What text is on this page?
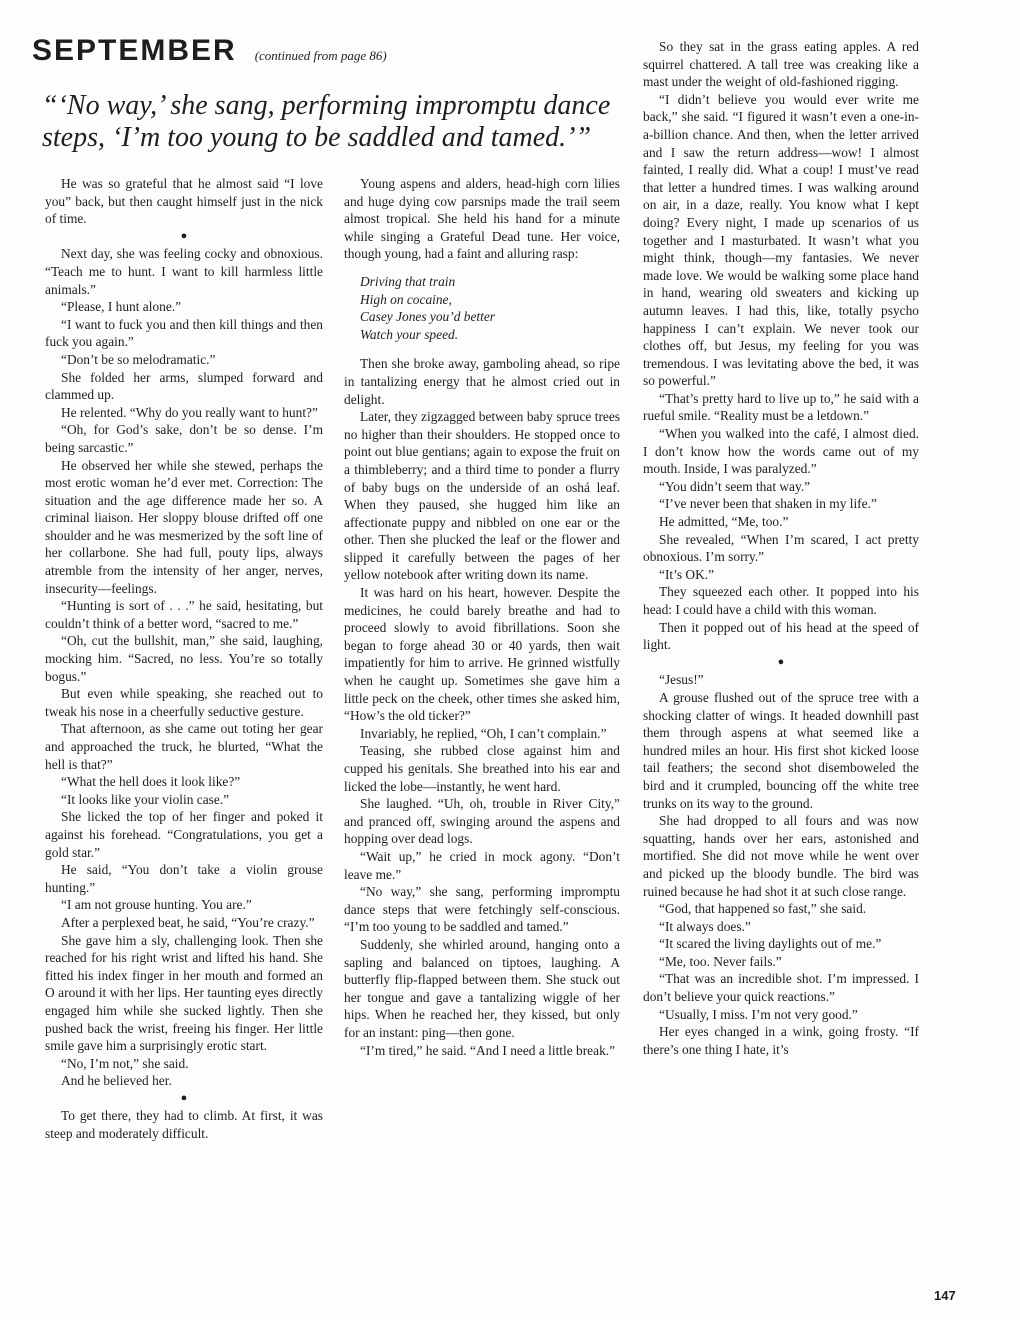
SEPTEMBER (continued from page 86)
“‘No way,’ she sang, performing impromptu dance steps, ‘I’m too young to be saddled and tamed.’”

He was so grateful that he almost said “I love you” back, but then caught himself just in the nick of time.

●

Next day, she was feeling cocky and obnoxious. “Teach me to hunt. I want to kill harmless little animals.”

“Please, I hunt alone.”

“I want to fuck you and then kill things and then fuck you again.”

“Don’t be so melodramatic.”

She folded her arms, slumped forward and clammed up.

He relented. “Why do you really want to hunt?”

“Oh, for God’s sake, don’t be so dense. I’m being sarcastic.”

He observed her while she stewed, perhaps the most erotic woman he’d ever met. Correction: The situation and the age difference made her so. A criminal liaison. Her sloppy blouse drifted off one shoulder and he was mesmerized by the soft line of her collarbone. She had full, pouty lips, always atremble from the intensity of her anger, nerves, insecurity—feelings.

“Hunting is sort of . . .” he said, hesitating, but couldn’t think of a better word, “sacred to me.”

“Oh, cut the bullshit, man,” she said, laughing, mocking him. “Sacred, no less. You’re so totally bogus.”

But even while speaking, she reached out to tweak his nose in a cheerfully seductive gesture.

That afternoon, as she came out toting her gear and approached the truck, he blurted, “What the hell is that?”

“What the hell does it look like?”

“It looks like your violin case.”

She licked the top of her finger and poked it against his forehead. “Congratulations, you get a gold star.”

He said, “You don’t take a violin grouse hunting.”

“I am not grouse hunting. You are.”

After a perplexed beat, he said, “You’re crazy.”

She gave him a sly, challenging look. Then she reached for his right wrist and lifted his hand. She fitted his index finger in her mouth and formed an O around it with her lips. Her taunting eyes directly engaged him while she sucked lightly. Then she pushed back the wrist, freeing his finger. Her little smile gave him a surprisingly erotic start.

“No, I’m not,” she said.

And he believed her.

●

To get there, they had to climb. At first, it was steep and moderately difficult.

Young aspens and alders, head-high corn lilies and huge dying cow parsnips made the trail seem almost tropical. She held his hand for a minute while singing a Grateful Dead tune. Her voice, though young, had a faint and alluring rasp:

Driving that train
High on cocaine,
Casey Jones you’d better
Watch your speed.

Then she broke away, gamboling ahead, so ripe in tantalizing energy that he almost cried out in delight.

Later, they zigzagged between baby spruce trees no higher than their shoulders. He stopped once to point out blue gentians; again to expose the fruit on a thimbleberry; and a third time to ponder a flurry of baby bugs on the underside of an oshá leaf. When they paused, she hugged him like an affectionate puppy and nibbled on one ear or the other. Then she plucked the leaf or the flower and slipped it carefully between the pages of her yellow notebook after writing down its name.

It was hard on his heart, however. Despite the medicines, he could barely breathe and had to proceed slowly to avoid fibrillations. Soon she began to forge ahead 30 or 40 yards, then wait impatiently for him to arrive. He grinned wistfully when he caught up. Sometimes she gave him a little peck on the cheek, other times she asked him, “How’s the old ticker?”

Invariably, he replied, “Oh, I can’t complain.”

Teasing, she rubbed close against him and cupped his genitals. She breathed into his ear and licked the lobe—instantly, he went hard.

She laughed. “Uh, oh, trouble in River City,” and pranced off, swinging around the aspens and hopping over dead logs.

“Wait up,” he cried in mock agony. “Don’t leave me.”

“No way,” she sang, performing impromptu dance steps that were fetchingly self-conscious. “I’m too young to be saddled and tamed.”

Suddenly, she whirled around, hanging onto a sapling and balanced on tiptoes, laughing. A butterfly flip-flapped between them. She stuck out her tongue and gave a tantalizing wiggle of her hips. When he reached her, they kissed, but only for an instant: ping—then gone.

“I’m tired,” he said. “And I need a little break.”

So they sat in the grass eating apples. A red squirrel chattered. A tall tree was creaking like a mast under the weight of old-fashioned rigging.

“I didn’t believe you would ever write me back,” she said. “I figured it wasn’t even a one-in-a-billion chance. And then, when the letter arrived and I saw the return address—wow! I almost fainted, I really did. What a coup! I must’ve read that letter a hundred times. I was walking around on air, in a daze, really. You know what I kept doing? Every night, I made up scenarios of us together and I masturbated. It wasn’t what you might think, though—my fantasies. We never made love. We would be walking some place hand in hand, wearing old sweaters and kicking up autumn leaves. I had this, like, totally psycho happiness I can’t explain. We never took our clothes off, but Jesus, my feeling for you was tremendous. I was levitating above the bed, it was so powerful.”

“That’s pretty hard to live up to,” he said with a rueful smile. “Reality must be a letdown.”

“When you walked into the café, I almost died. I don’t know how the words came out of my mouth. Inside, I was paralyzed.”

“You didn’t seem that way.”

“I’ve never been that shaken in my life.”

He admitted, “Me, too.”

She revealed, “When I’m scared, I act pretty obnoxious. I’m sorry.”

“It’s OK.”

They squeezed each other. It popped into his head: I could have a child with this woman.

Then it popped out of his head at the speed of light.

●

“Jesus!”

A grouse flushed out of the spruce tree with a shocking clatter of wings. It headed downhill past them through aspens at what seemed like a hundred miles an hour. His first shot kicked loose tail feathers; the second shot disemboweled the bird and it crumpled, bouncing off the white tree trunks on its way to the ground.

She had dropped to all fours and was now squatting, hands over her ears, astonished and mortified. She did not move while he went over and picked up the bloody bundle. The bird was ruined because he had shot it at such close range.

“God, that happened so fast,” she said.

“It always does.”

“It scared the living daylights out of me.”

“Me, too. Never fails.”

“That was an incredible shot. I’m impressed. I don’t believe your quick reactions.”

“Usually, I miss. I’m not very good.”

Her eyes changed in a wink, going frosty. “If there’s one thing I hate, it’s

147
